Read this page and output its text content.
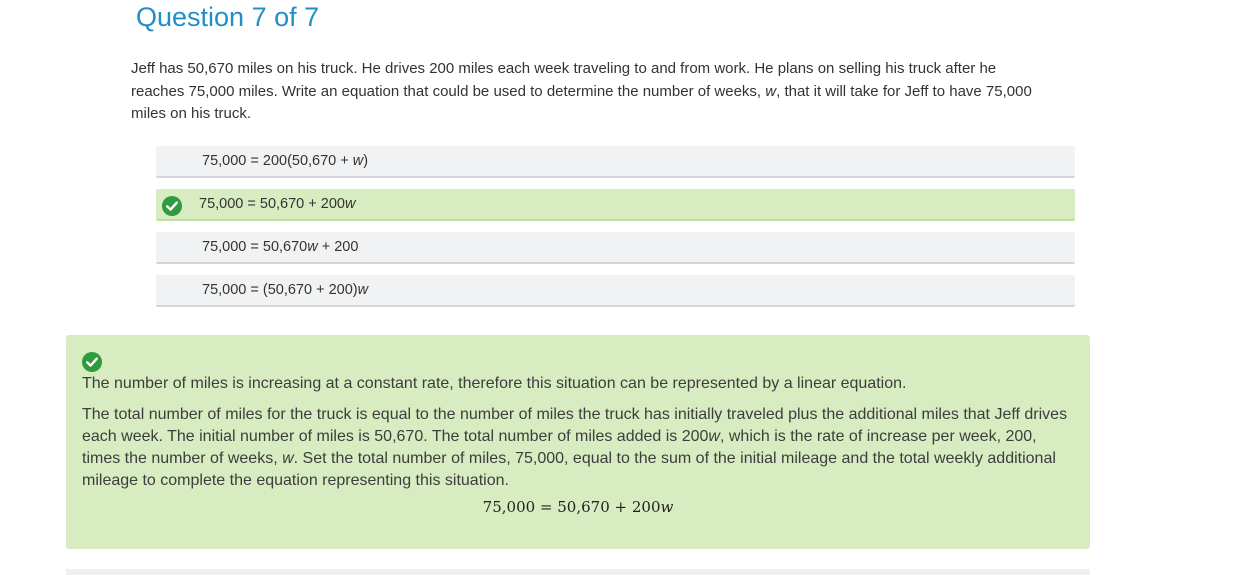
Question 7 of 7
Jeff has 50,670 miles on his truck. He drives 200 miles each week traveling to and from work. He plans on selling his truck after he reaches 75,000 miles. Write an equation that could be used to determine the number of weeks, w, that it will take for Jeff to have 75,000 miles on his truck.
75,000 = 200(50,670 + w)
75,000 = 50,670 + 200w
75,000 = 50,670w + 200
75,000 = (50,670 + 200)w
The number of miles is increasing at a constant rate, therefore this situation can be represented by a linear equation.
The total number of miles for the truck is equal to the number of miles the truck has initially traveled plus the additional miles that Jeff drives each week. The initial number of miles is 50,670. The total number of miles added is 200w, which is the rate of increase per week, 200, times the number of weeks, w. Set the total number of miles, 75,000, equal to the sum of the initial mileage and the total weekly additional mileage to complete the equation representing this situation.
75,000 = 50,670 + 200w
